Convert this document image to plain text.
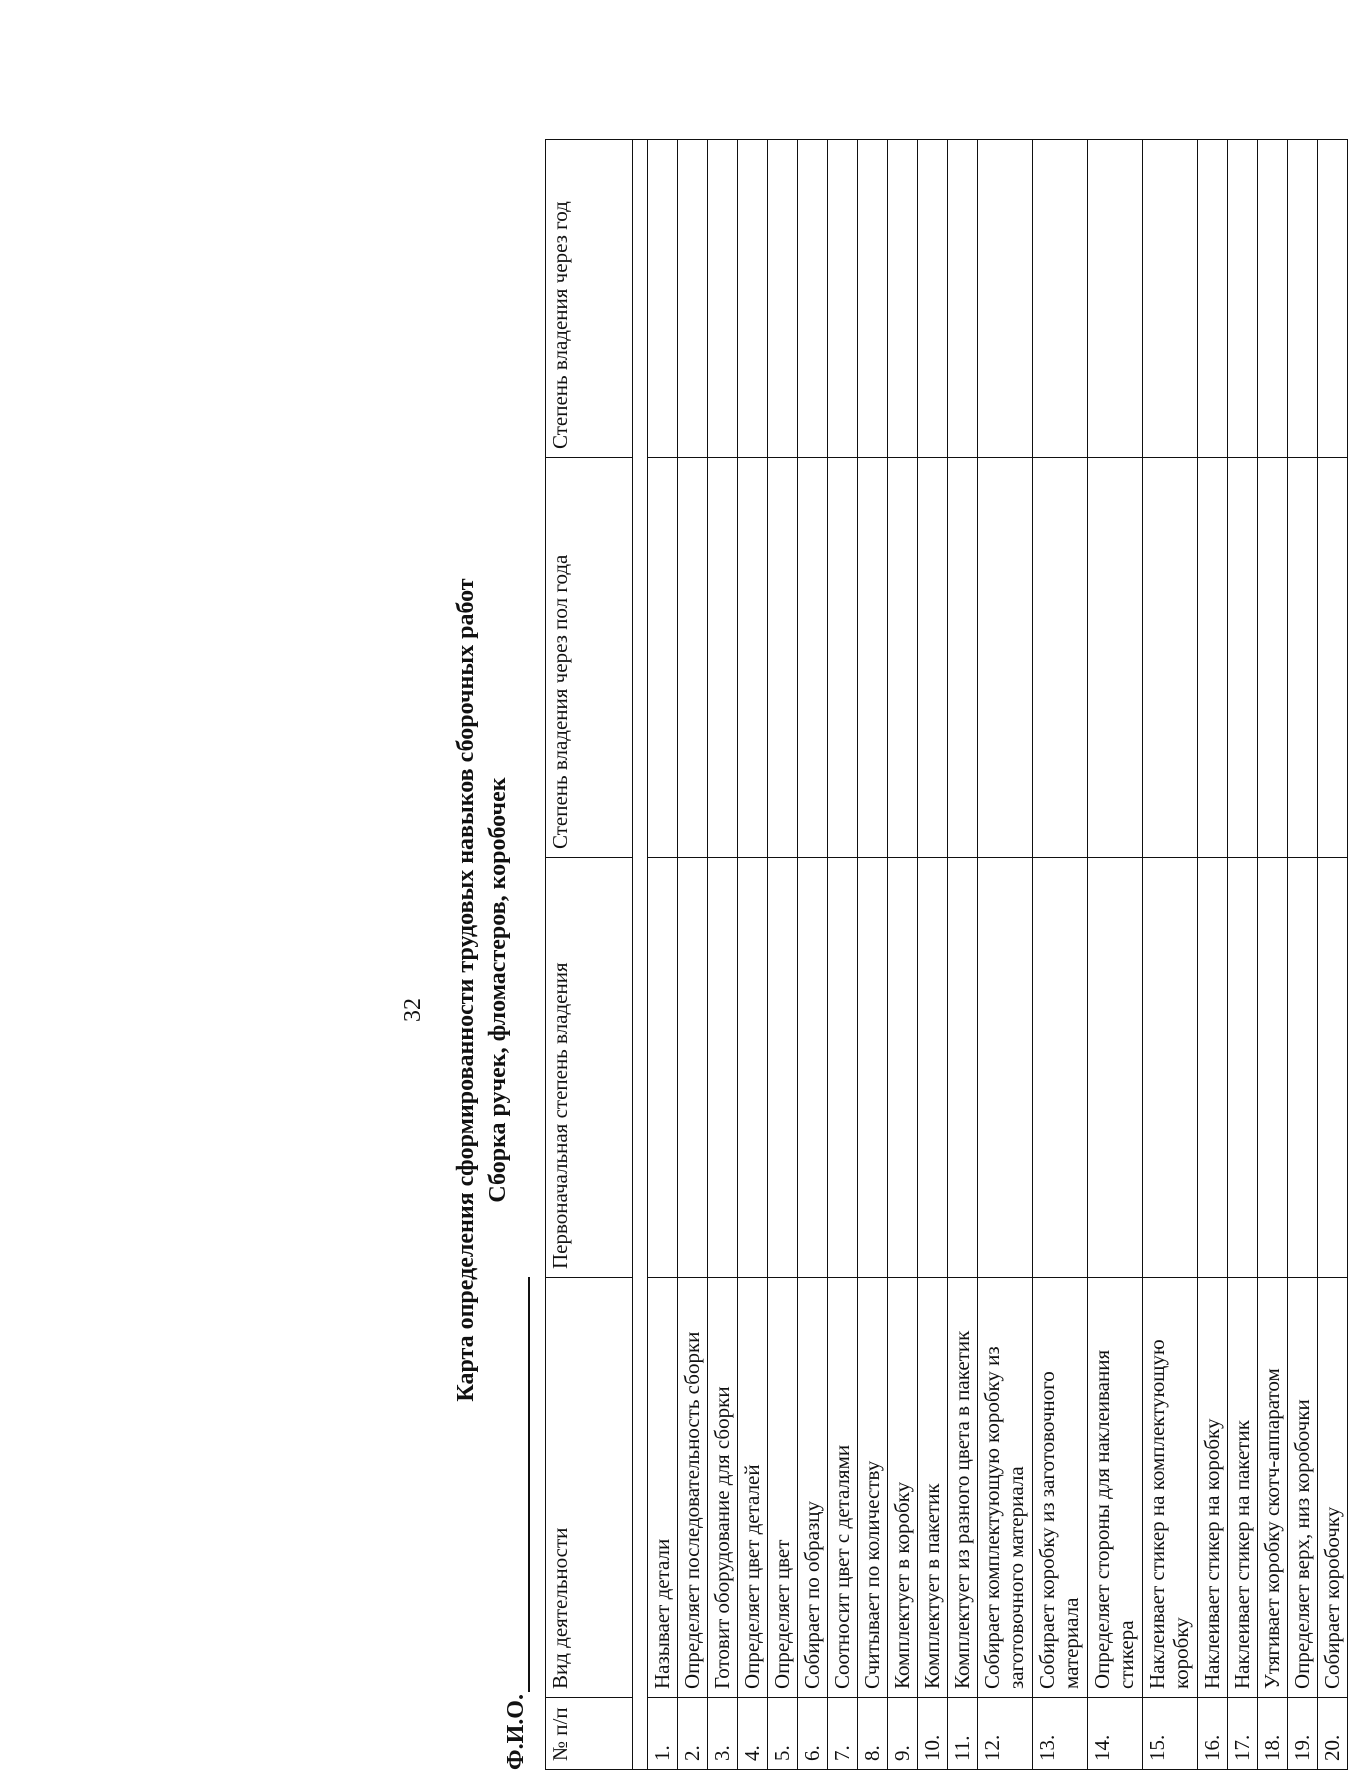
32 Карта определения сформированности трудовых навыков сборочных работ Сборка ручек, фломастеров, коробочек
Ф.И.О. № п/п	Вид деятельности	Первоначальная степень владения	Степень владения через пол года	Степень владения через год

1.	Называет детали			
2.	Определяет последовательность сборки			
3.	Готовит оборудование для сборки			
4.	Определяет цвет деталей			
5.	Определяет цвет			
6.	Собирает по образцу			
7.	Соотносит цвет с деталями			
8.	Считывает по количеству			
9.	Комплектует в коробку			
10.	Комплектует в пакетик			
11.	Комплектует из разного цвета в пакетик			
12.	Собирает комплектующую коробку из заготовочного материала			
13.	Собирает коробку из заготовочного материала			
14.	Определяет стороны для наклеивания стикера			
15.	Наклеивает стикер на комплектующую коробку			
16.	Наклеивает стикер на коробку			
17.	Наклеивает стикер на пакетик			
18.	Утягивает коробку скотч-аппаратом			
19.	Определяет верх, низ коробочки			
20.	Собирает коробочку			
